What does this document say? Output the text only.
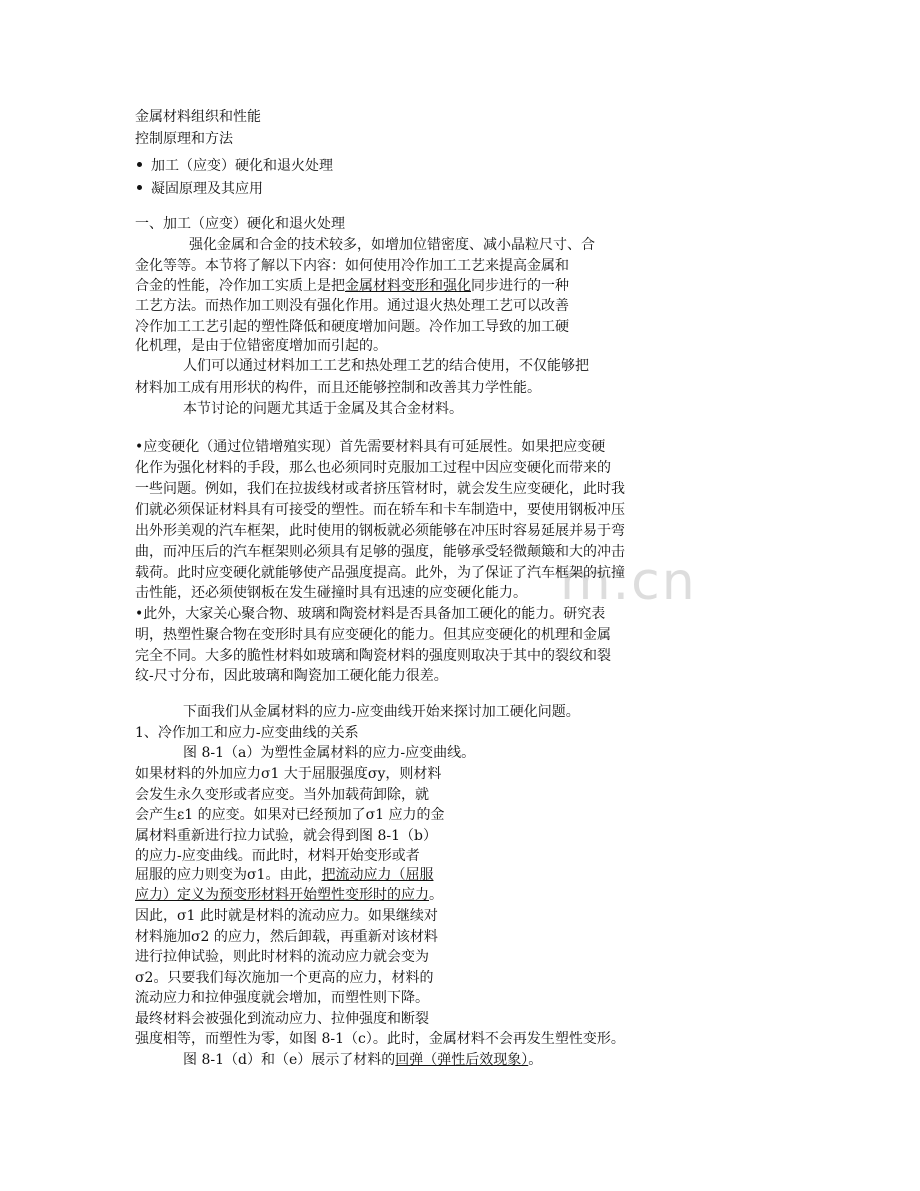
m.cn
金属材料组织和性能
控制原理和方法
加工（应变）硬化和退火处理
凝固原理及其应用
一、加工（应变）硬化和退火处理
强化金属和合金的技术较多，如增加位错密度、减小晶粒尺寸、合
金化等等。本节将了解以下内容：如何使用冷作加工工艺来提高金属和
合金的性能，冷作加工实质上是把金属材料变形和强化同步进行的一种
工艺方法。而热作加工则没有强化作用。通过退火热处理工艺可以改善
冷作加工工艺引起的塑性降低和硬度增加问题。冷作加工导致的加工硬
化机理，是由于位错密度增加而引起的。
人们可以通过材料加工工艺和热处理工艺的结合使用，不仅能够把
材料加工成有用形状的构件，而且还能够控制和改善其力学性能。
本节讨论的问题尤其适于金属及其合金材料。
•应变硬化（通过位错增殖实现）首先需要材料具有可延展性。如果把应变硬
化作为强化材料的手段，那么也必须同时克服加工过程中因应变硬化而带来的
一些问题。例如，我们在拉拔线材或者挤压管材时，就会发生应变硬化，此时我
们就必须保证材料具有可接受的塑性。而在轿车和卡车制造中，要使用钢板冲压
出外形美观的汽车框架，此时使用的钢板就必须能够在冲压时容易延展并易于弯
曲，而冲压后的汽车框架则必须具有足够的强度，能够承受轻微颠簸和大的冲击
载荷。此时应变硬化就能够使产品强度提高。此外，为了保证了汽车框架的抗撞
击性能，还必须使钢板在发生碰撞时具有迅速的应变硬化能力。
•此外，大家关心聚合物、玻璃和陶瓷材料是否具备加工硬化的能力。研究表
明，热塑性聚合物在变形时具有应变硬化的能力。但其应变硬化的机理和金属
完全不同。大多的脆性材料如玻璃和陶瓷材料的强度则取决于其中的裂纹和裂
纹-尺寸分布，因此玻璃和陶瓷加工硬化能力很差。
下面我们从金属材料的应力-应变曲线开始来探讨加工硬化问题。
1、冷作加工和应力-应变曲线的关系
图 8-1（a）为塑性金属材料的应力-应变曲线。
如果材料的外加应力σ1 大于屈服强度σy，则材料
会发生永久变形或者应变。当外加载荷卸除，就
会产生ε1 的应变。如果对已经预加了σ1 应力的金
属材料重新进行拉力试验，就会得到图 8-1（b）
的应力-应变曲线。而此时，材料开始变形或者
屈服的应力则变为σ1。由此，把流动应力（屈服
应力）定义为预变形材料开始塑性变形时的应力。
因此，σ1 此时就是材料的流动应力。如果继续对
材料施加σ2 的应力，然后卸载，再重新对该材料
进行拉伸试验，则此时材料的流动应力就会变为
σ2。只要我们每次施加一个更高的应力，材料的
流动应力和拉伸强度就会增加，而塑性则下降。
最终材料会被强化到流动应力、拉伸强度和断裂
强度相等，而塑性为零，如图 8-1（c）。此时，金属材料不会再发生塑性变形。
图 8-1（d）和（e）展示了材料的回弹（弹性后效现象）。
